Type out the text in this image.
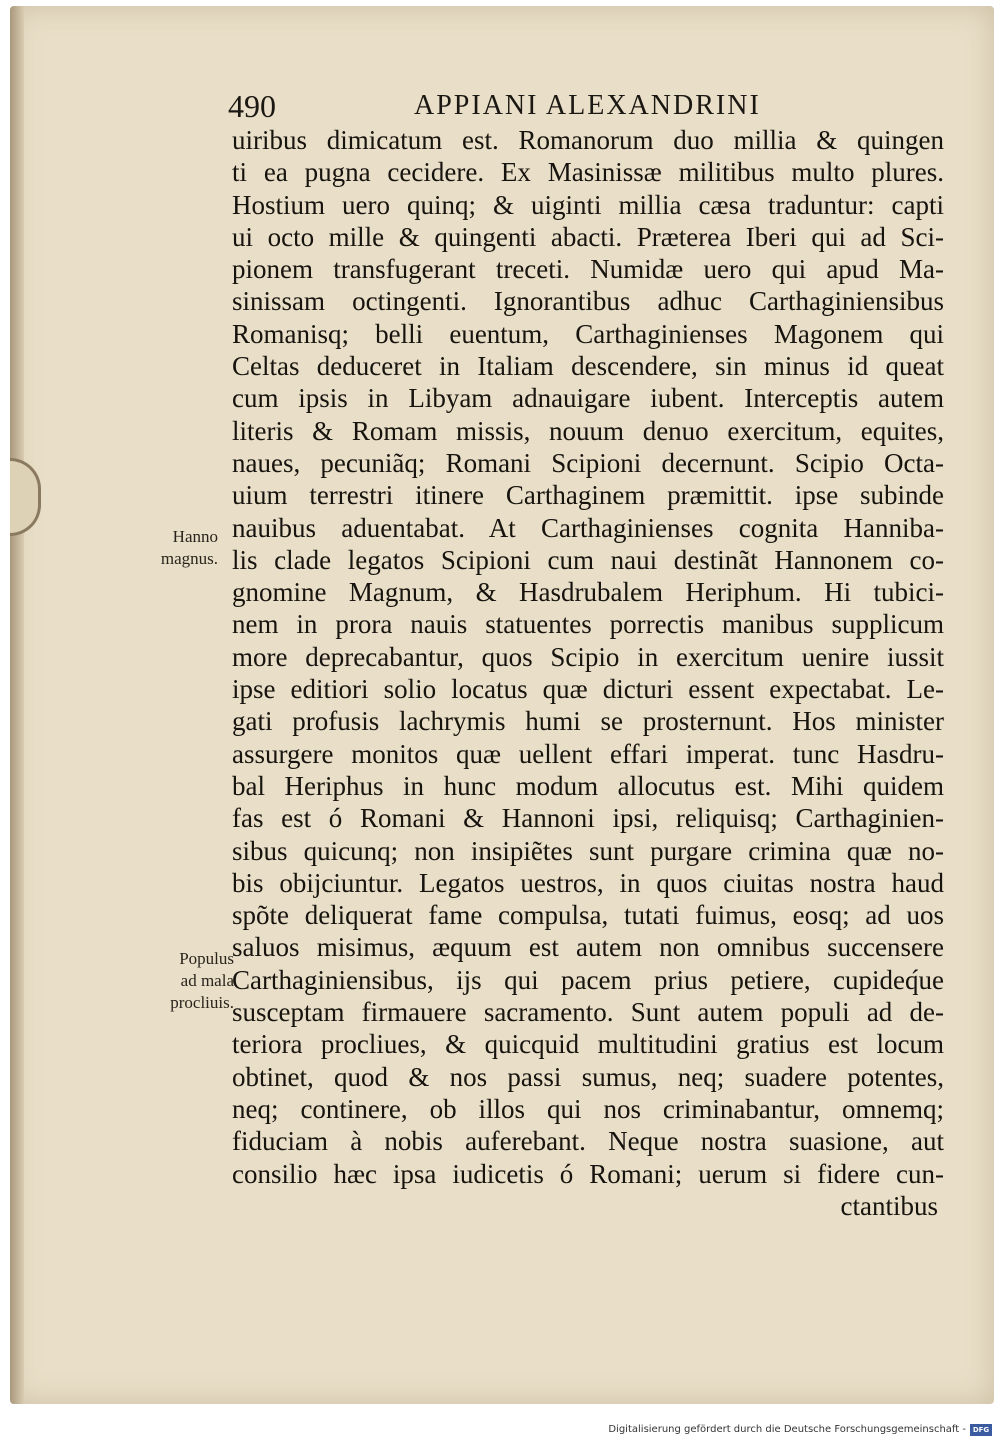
490	APPIANI ALEXANDRINI
Hanno
magnus.
Populus
ad mala
procliuis.
uiribus dimicatum est. Romanorum duo millia & quingen
ti ea pugna cecidere. Ex Masinissæ militibus multo plures.
Hostium uero quinq; & uiginti millia cæsa traduntur: capti
ui octo mille & quingenti abacti. Præterea Iberi qui ad Sci-
pionem transfugerant treceti. Numidæ uero qui apud Ma-
sinissam octingenti. Ignorantibus adhuc Carthaginiensibus
Romanisq; belli euentum, Carthaginienses Magonem qui
Celtas deduceret in Italiam descendere, sin minus id queat
cum ipsis in Libyam adnauigare iubent. Interceptis autem
literis & Romam missis, nouum denuo exercitum, equites,
naues, pecuniãq; Romani Scipioni decernunt. Scipio Octa-
uium terrestri itinere Carthaginem præmittit. ipse subinde
nauibus aduentabat. At Carthaginienses cognita Hanniba-
lis clade legatos Scipioni cum naui destinãt Hannonem co-
gnomine Magnum, & Hasdrubalem Heriphum. Hi tubici-
nem in prora nauis statuentes porrectis manibus supplicum
more deprecabantur, quos Scipio in exercitum uenire iussit
ipse editiori solio locatus quæ dicturi essent expectabat. Le-
gati profusis lachrymis humi se prosternunt. Hos minister
assurgere monitos quæ uellent effari imperat. tunc Hasdru-
bal Heriphus in hunc modum allocutus est. Mihi quidem
fas est ó Romani & Hannoni ipsi, reliquisq; Carthaginien-
sibus quicunq; non insipiẽtes sunt purgare crimina quæ no-
bis obijciuntur. Legatos uestros, in quos ciuitas nostra haud
spõte deliquerat fame compulsa, tutati fuimus, eosq; ad uos
saluos misimus, æquum est autem non omnibus succensere
Carthaginiensibus, ijs qui pacem prius petiere, cupideq́ue
susceptam firmauere sacramento. Sunt autem populi ad de-
teriora procliues, & quicquid multitudini gratius est locum
obtinet, quod & nos passi sumus, neq; suadere potentes,
neq; continere, ob illos qui nos criminabantur, omnemq;
fiduciam à nobis auferebant. Neque nostra suasione, aut
consilio hæc ipsa iudicetis ó Romani; uerum si fidere cun-
ctantibus
Digitalisierung gefördert durch die Deutsche Forschungsgemeinschaft - DFG
